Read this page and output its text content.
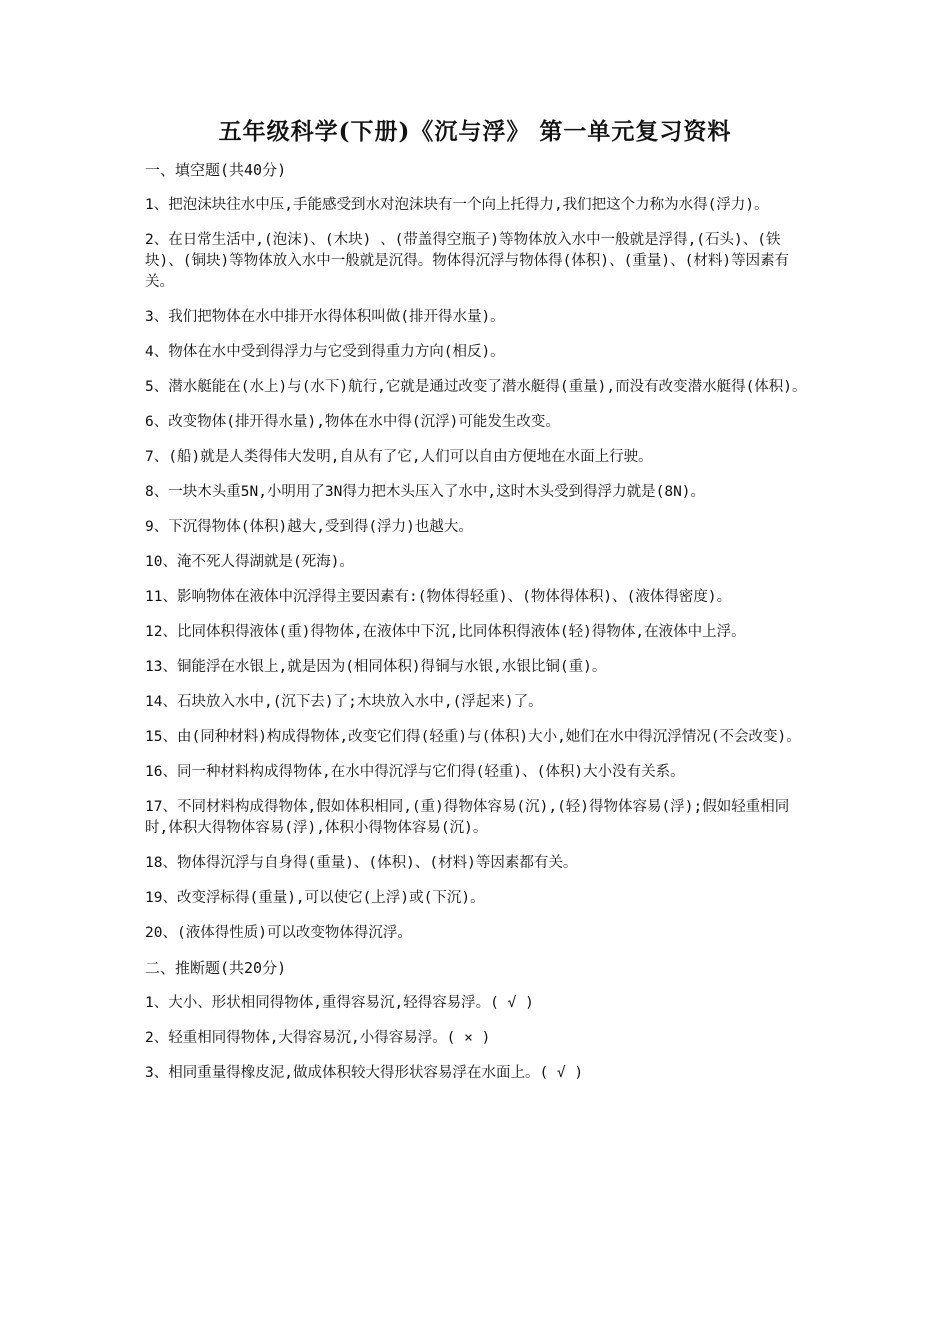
五年级科学(下册)《沉与浮》 第一单元复习资料
一、填空题(共40分)
1、把泡沫块往水中压,手能感受到水对泡沫块有一个向上托得力,我们把这个力称为水得(浮力)。
2、在日常生活中,(泡沫)、(木块) 、(带盖得空瓶子)等物体放入水中一般就是浮得,(石头)、(铁块)、(铜块)等物体放入水中一般就是沉得。物体得沉浮与物体得(体积)、(重量)、(材料)等因素有关。
3、我们把物体在水中排开水得体积叫做(排开得水量)。
4、物体在水中受到得浮力与它受到得重力方向(相反)。
5、潜水艇能在(水上)与(水下)航行,它就是通过改变了潜水艇得(重量),而没有改变潜水艇得(体积)。
6、改变物体(排开得水量),物体在水中得(沉浮)可能发生改变。
7、(船)就是人类得伟大发明,自从有了它,人们可以自由方便地在水面上行驶。
8、一块木头重5N,小明用了3N得力把木头压入了水中,这时木头受到得浮力就是(8N)。
9、下沉得物体(体积)越大,受到得(浮力)也越大。
10、淹不死人得湖就是(死海)。
11、影响物体在液体中沉浮得主要因素有:(物体得轻重)、(物体得体积)、(液体得密度)。
12、比同体积得液体(重)得物体,在液体中下沉,比同体积得液体(轻)得物体,在液体中上浮。
13、铜能浮在水银上,就是因为(相同体积)得铜与水银,水银比铜(重)。
14、石块放入水中,(沉下去)了;木块放入水中,(浮起来)了。
15、由(同种材料)构成得物体,改变它们得(轻重)与(体积)大小,她们在水中得沉浮情况(不会改变)。
16、同一种材料构成得物体,在水中得沉浮与它们得(轻重)、(体积)大小没有关系。
17、不同材料构成得物体,假如体积相同,(重)得物体容易(沉),(轻)得物体容易(浮);假如轻重相同时,体积大得物体容易(浮),体积小得物体容易(沉)。
18、物体得沉浮与自身得(重量)、(体积)、(材料)等因素都有关。
19、改变浮标得(重量),可以使它(上浮)或(下沉)。
20、(液体得性质)可以改变物体得沉浮。
二、推断题(共20分)
1、大小、形状相同得物体,重得容易沉,轻得容易浮。( √ )
2、轻重相同得物体,大得容易沉,小得容易浮。( × )
3、相同重量得橡皮泥,做成体积较大得形状容易浮在水面上。( √ )
